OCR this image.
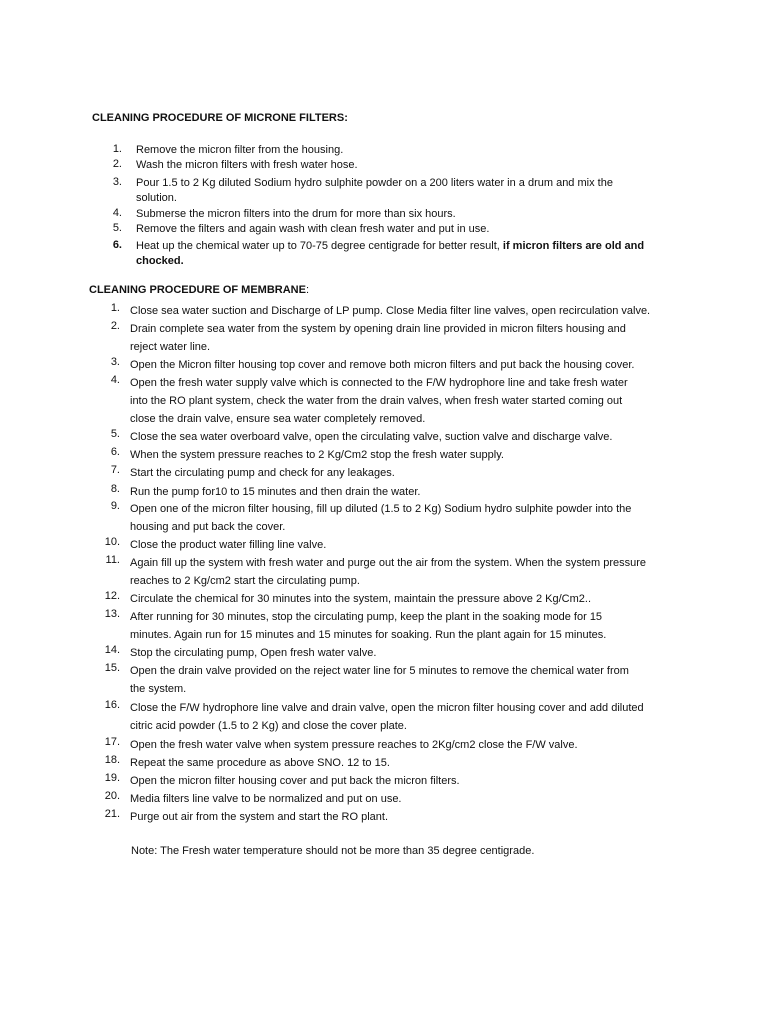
CLEANING PROCEDURE OF MICRONE FILTERS:
1. Remove the micron filter from the housing.
2. Wash the micron filters with fresh water hose.
3. Pour 1.5 to 2 Kg diluted Sodium hydro sulphite powder on a 200 liters water in a drum and mix the
solution.
4. Submerse the micron filters into the drum for more than six hours.
5. Remove the filters and again wash with clean fresh water and put in use.
6. Heat up the chemical water up to 70-75 degree centigrade for better result, if micron filters are old and
chocked.
CLEANING PROCEDURE OF MEMBRANE:
1. Close sea water suction and Discharge of LP pump. Close Media filter line valves, open recirculation valve.
2. Drain complete sea water from the system by opening drain line provided in micron filters housing and
reject water line.
3. Open the Micron filter housing top cover and remove both micron filters and put back the housing cover.
4. Open the fresh water supply valve which is connected to the F/W hydrophore line and take fresh water
into the RO plant system, check the water from the drain valves, when fresh water started coming out
close the drain valve, ensure sea water completely removed.
5. Close the sea water overboard valve, open the circulating valve, suction valve and discharge valve.
6. When the system pressure reaches to 2 Kg/Cm2 stop the fresh water supply.
7. Start the circulating pump and check for any leakages.
8. Run the pump for10 to 15 minutes and then drain the water.
9. Open one of the micron filter housing, fill up diluted (1.5 to 2 Kg) Sodium hydro sulphite powder into the
housing and put back the cover.
10. Close the product water filling line valve.
11. Again fill up the system with fresh water and purge out the air from the system. When the system pressure
reaches to 2 Kg/cm2 start the circulating pump.
12. Circulate the chemical for 30 minutes into the system, maintain the pressure above 2 Kg/Cm2..
13. After running for 30 minutes, stop the circulating pump, keep the plant in the soaking mode for 15
minutes. Again run for 15 minutes and 15 minutes for soaking. Run the plant again for 15 minutes.
14. Stop the circulating pump, Open fresh water valve.
15. Open the drain valve provided on the reject water line for 5 minutes to remove the chemical water from
the system.
16. Close the F/W hydrophore line valve and drain valve, open the micron filter housing cover and add diluted
citric acid powder (1.5 to 2 Kg) and close the cover plate.
17. Open the fresh water valve when system pressure reaches to 2Kg/cm2 close the F/W valve.
18. Repeat the same procedure as above SNO. 12 to 15.
19. Open the micron filter housing cover and put back the micron filters.
20. Media filters line valve to be normalized and put on use.
21. Purge out air from the system and start the RO plant.
Note: The Fresh water temperature should not be more than 35 degree centigrade.
